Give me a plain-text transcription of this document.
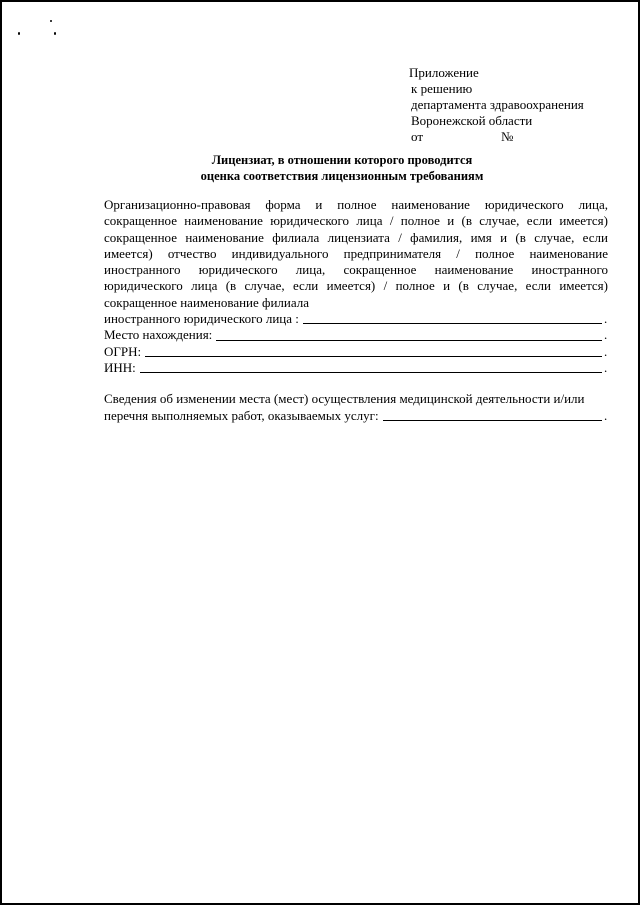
Приложение
к решению
департамента здравоохранения
Воронежской области
от	№
Лицензиат, в отношении которого проводится
оценка соответствия лицензионным требованиям
Организационно-правовая форма и полное наименование юридического лица, сокращенное наименование юридического лица / полное и (в случае, если имеется) сокращенное наименование филиала лицензиата / фамилия, имя и (в случае, если имеется) отчество индивидуального предпринимателя / полное наименование иностранного юридического лица, сокращенное наименование иностранного юридического лица (в случае, если имеется) / полное и (в случае, если имеется) сокращенное наименование филиала
иностранного юридического лица :	.
Место нахождения:	.
ОГРН:	.
ИНН:	.
Сведения об изменении места (мест) осуществления медицинской деятельности и/или
перечня выполняемых работ, оказываемых услуг:	.
